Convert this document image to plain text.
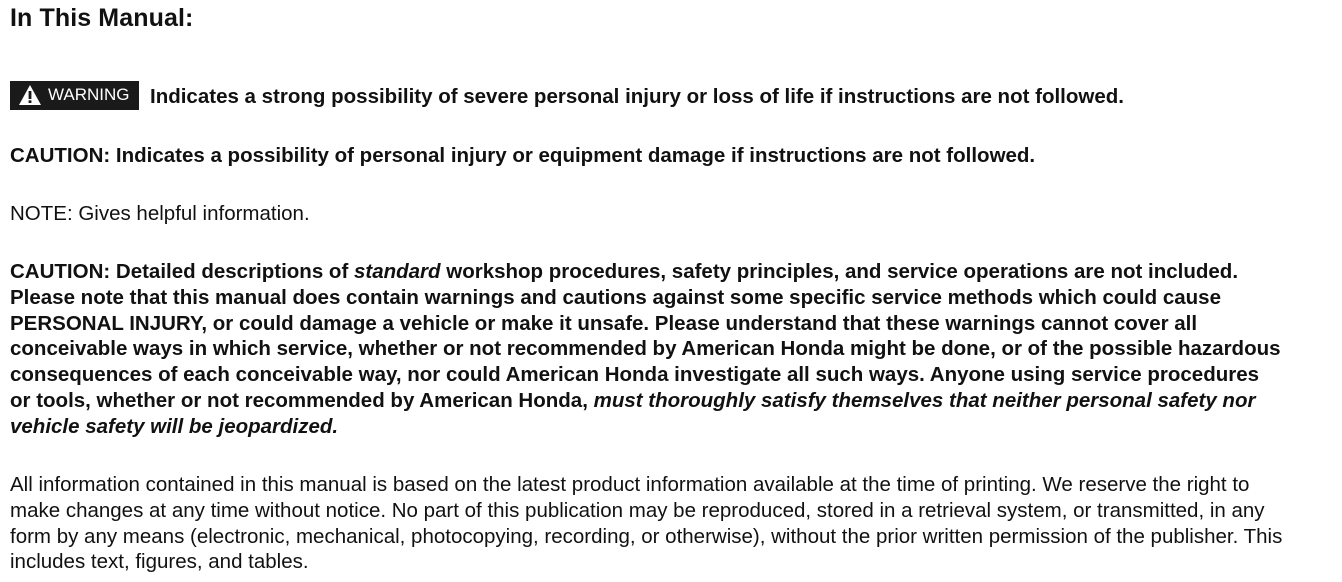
In This Manual:
WARNING Indicates a strong possibility of severe personal injury or loss of life if instructions are not followed.
CAUTION: Indicates a possibility of personal injury or equipment damage if instructions are not followed.
NOTE: Gives helpful information.
CAUTION: Detailed descriptions of standard workshop procedures, safety principles, and service operations are not included.
Please note that this manual does contain warnings and cautions against some specific service methods which could cause
PERSONAL INJURY, or could damage a vehicle or make it unsafe. Please understand that these warnings cannot cover all
conceivable ways in which service, whether or not recommended by American Honda might be done, or of the possible hazardous
consequences of each conceivable way, nor could American Honda investigate all such ways. Anyone using service procedures
or tools, whether or not recommended by American Honda, must thoroughly satisfy themselves that neither personal safety nor
vehicle safety will be jeopardized.
All information contained in this manual is based on the latest product information available at the time of printing. We reserve the right to
make changes at any time without notice. No part of this publication may be reproduced, stored in a retrieval system, or transmitted, in any
form by any means (electronic, mechanical, photocopying, recording, or otherwise), without the prior written permission of the publisher. This
includes text, figures, and tables.
